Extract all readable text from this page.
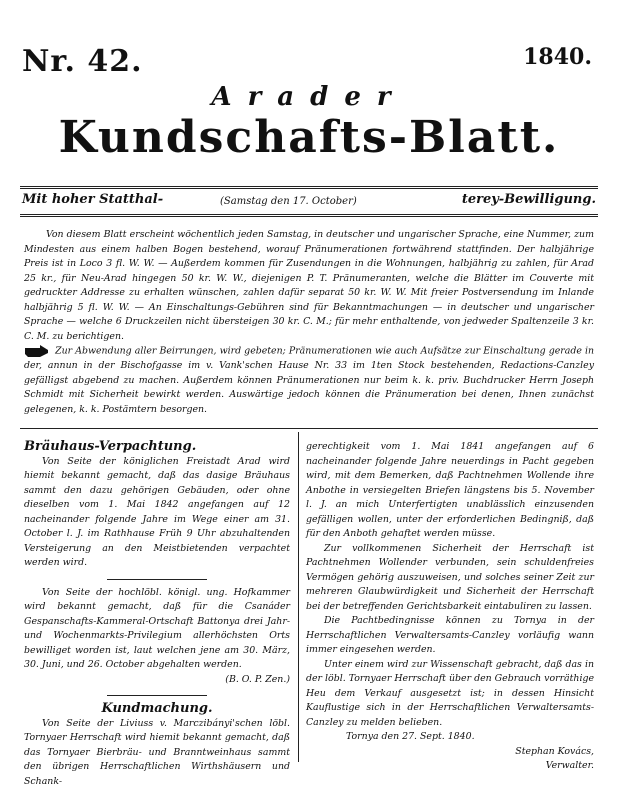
Nr. 42.	1840.
Arader
Kundschafts-Blatt.
Mit hoher Statthal-	(Samstag den 17. October)	terey-Bewilligung.

Von diesem Blatt erscheint wöchentlich jeden Samstag, in deutscher und ungarischer Sprache, eine Nummer, zum Mindesten aus einem halben Bogen bestehend, worauf Pränumerationen fortwährend stattfinden. Der halbjährige Preis ist in Loco 3 fl. W. W. — Außerdem kommen für Zusendungen in die Wohnungen, halbjährig zu zahlen, für Arad 25 kr., für Neu-Arad hingegen 50 kr. W. W., diejenigen P. T. Pränumeranten, welche die Blätter im Couverte mit gedruckter Addresse zu erhalten wünschen, zahlen dafür separat 50 kr. W. W. Mit freier Postversendung im Inlande halbjährig 5 fl. W. W. — An Einschaltungs-Gebühren sind für Bekanntmachungen — in deutscher und ungarischer Sprache — welche 6 Druckzeilen nicht übersteigen 30 kr. C. M.; für mehr enthaltende, von jedweder Spaltenzeile 3 kr. C. M. zu berichtigen.

Zur Abwendung aller Beirrungen, wird gebeten; Pränumerationen wie auch Aufsätze zur Einschaltung gerade in der, annun in der Bischofgasse im v. Vank'schen Hause Nr. 33 im 1ten Stock bestehenden, Redactions-Canzley gefälligst abgebend zu machen. Außerdem können Pränumerationen nur beim k. k. priv. Buchdrucker Herrn Joseph Schmidt mit Sicherheit bewirkt werden. Auswärtige jedoch können die Pränumeration bei denen, Ihnen zunächst gelegenen, k. k. Postämtern besorgen.

Bräuhaus-Verpachtung.

Von Seite der königlichen Freistadt Arad wird hiemit bekannt gemacht, daß das dasige Bräuhaus sammt den dazu gehörigen Gebäuden, oder ohne dieselben vom 1. Mai 1842 angefangen auf 12 nacheinander folgende Jahre im Wege einer am 31. October l. J. im Rathhause Früh 9 Uhr abzuhaltenden Versteigerung an den Meistbietenden verpachtet werden wird.

Von Seite der hochlöbl. königl. ung. Hofkammer wird bekannt gemacht, daß für die Csanáder Gespanschafts-Kammeral-Ortschaft Battonya drei Jahr- und Wochenmarkts-Privilegium allerhöchsten Orts bewilliget worden ist, laut welchen jene am 30. März, 30. Juni, und 26. October abgehalten werden.

(B. O. P. Zen.)

Kundmachung.

Von Seite der Liviuss v. Marczibányi'schen löbl. Tornyaer Herrschaft wird hiemit bekannt gemacht, daß das Tornyaer Bierbräu- und Branntweinhaus sammt den übrigen Herrschaftlichen Wirthshäusern und Schank-

gerechtigkeit vom 1. Mai 1841 angefangen auf 6 nacheinander folgende Jahre neuerdings in Pacht gegeben wird, mit dem Bemerken, daß Pachtnehmen Wollende ihre Anbothe in versiegelten Briefen längstens bis 5. November l. J. an mich Unterfertigten unablässlich einzusenden gefälligen wollen, unter der erforderlichen Bedingniß, daß für den Anboth gehaftet werden müsse.

Zur vollkommenen Sicherheit der Herrschaft ist Pachtnehmen Wollender verbunden, sein schuldenfreies Vermögen gehörig auszuweisen, und solches seiner Zeit zur mehreren Glaubwürdigkeit und Sicherheit der Herrschaft bei der betreffenden Gerichtsbarkeit eintabuliren zu lassen.

Die Pachtbedingnisse können zu Tornya in der Herrschaftlichen Verwaltersamts-Canzley vorläufig wann immer eingesehen werden.

Unter einem wird zur Wissenschaft gebracht, daß das in der löbl. Tornyaer Herrschaft über den Gebrauch vorräthige Heu dem Verkauf ausgesetzt ist; in dessen Hinsicht Kauflustige sich in der Herrschaftlichen Verwaltersamts-Canzley zu melden belieben.

Tornya den 27. Sept. 1840.

Stephan Kovács,

Verwalter.
